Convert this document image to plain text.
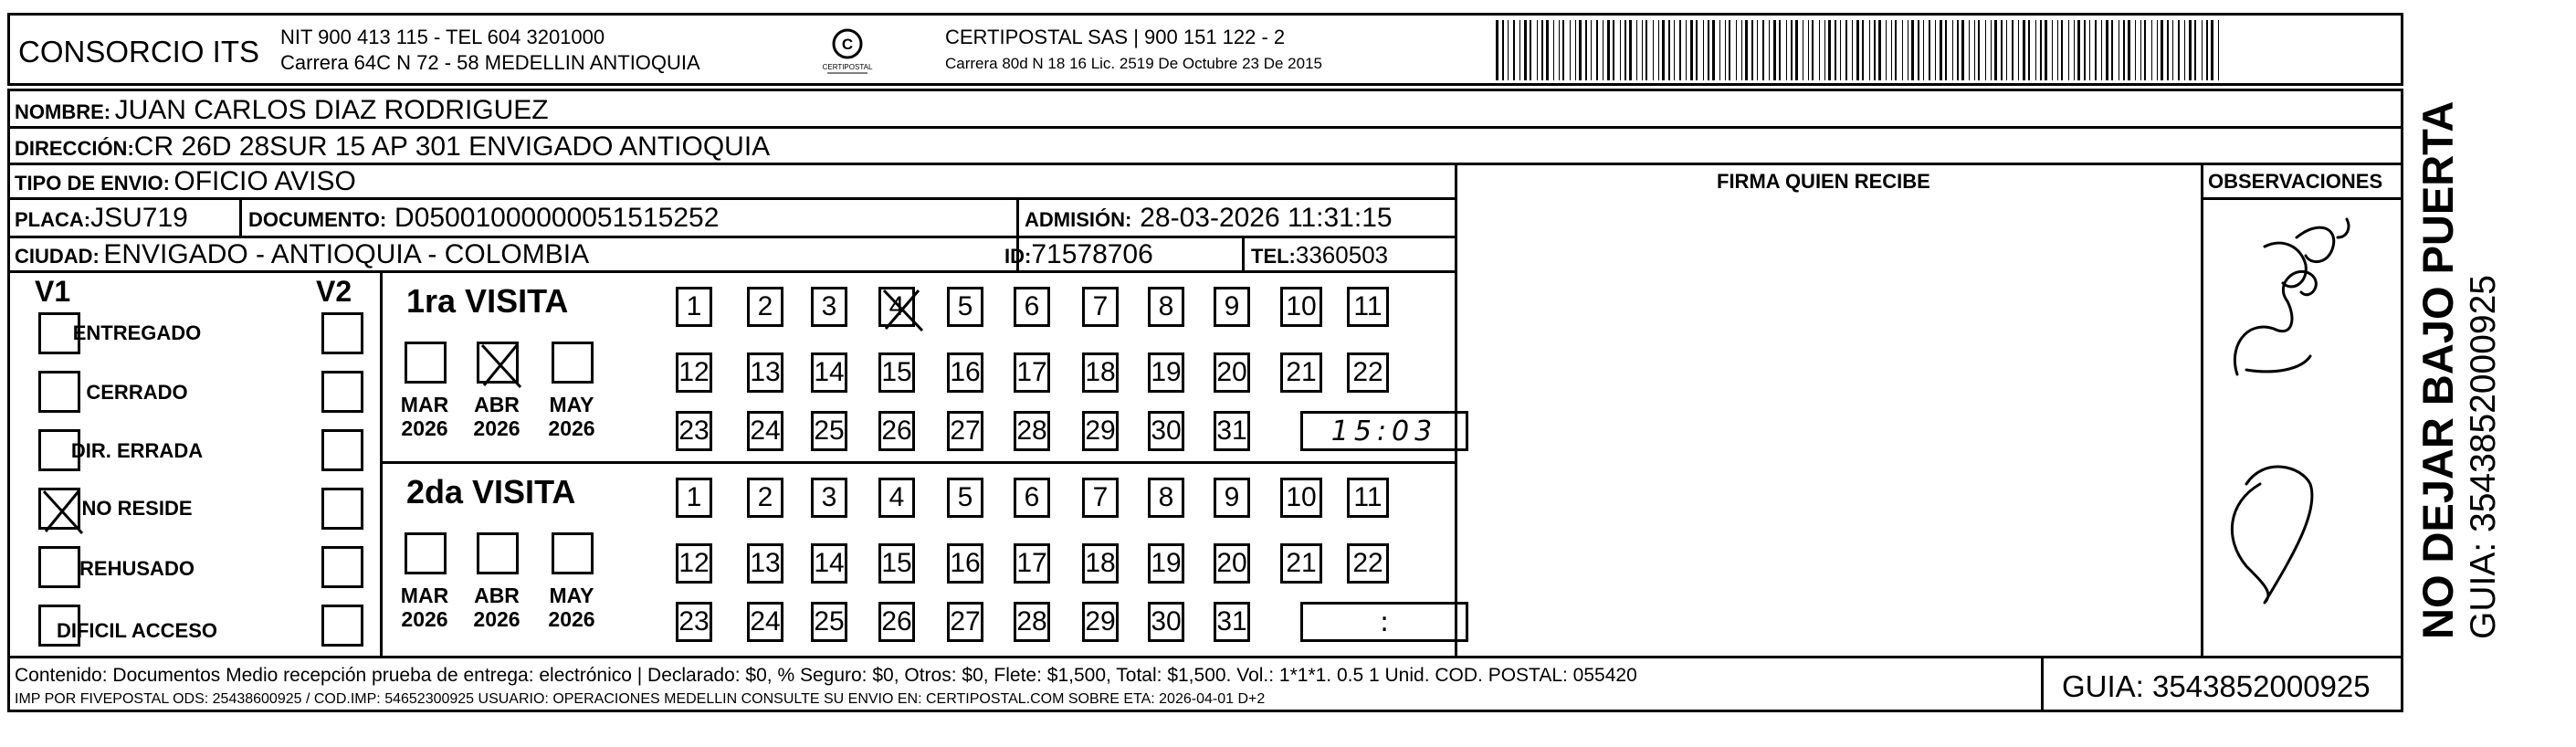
CONSORCIO ITS NIT 900 413 115 - TEL 604 3201000
Carrera 64C N 72 - 58 MEDELLIN ANTIOQUIA
C
CERTIPOSTAL
CERTIPOSTAL SAS | 900 151 122 - 2
Carrera 80d N 18 16 Lic. 2519 De Octubre 23 De 2015
NOMBRE: JUAN CARLOS DIAZ RODRIGUEZ
DIRECCIÓN:CR 26D 28SUR 15 AP 301 ENVIGADO ANTIOQUIA
TIPO DE ENVIO: OFICIO AVISO
PLACA:JSU719	DOCUMENTO: D05001000000051515252	ADMISIÓN: 28-03-2026 11:31:15
CIUDAD: ENVIGADO - ANTIOQUIA - COLOMBIA	ID:71578706	TEL:3360503
FIRMA QUIEN RECIBE	OBSERVACIONES
V1	V2
ENTREGADO
CERRADO
DIR. ERRADA
NO RESIDE
REHUSADO
DIFICIL ACCESO
1ra VISITA
MAR
2026
ABR
2026
MAY
2026
1	2	3	4	5	6	7	8	9	10 11
12 13 14 15 16 17 18 19 20 21 22
23 24 25 26 27 28 29 30 31	15:03
2da VISITA
MAR
2026
ABR
2026
MAY
2026
1	2	3	4	5	6	7	8	9	10 11
12 13 14 15 16 17 18 19 20 21 22
23 24 25 26 27 28 29 30 31	:
Contenido: Documentos Medio recepción prueba de entrega: electrónico | Declarado: $0, % Seguro: $0, Otros: $0, Flete: $1,500, Total: $1,500. Vol.: 1*1*1. 0.5 1 Unid. COD. POSTAL: 055420
IMP POR FIVEPOSTAL ODS: 25438600925 / COD.IMP: 54652300925 USUARIO: OPERACIONES MEDELLIN CONSULTE SU ENVIO EN: CERTIPOSTAL.COM SOBRE ETA: 2026-04-01 D+2	GUIA: 3543852000925
NO DEJAR BAJO PUERTA GUIA: 3543852000925
